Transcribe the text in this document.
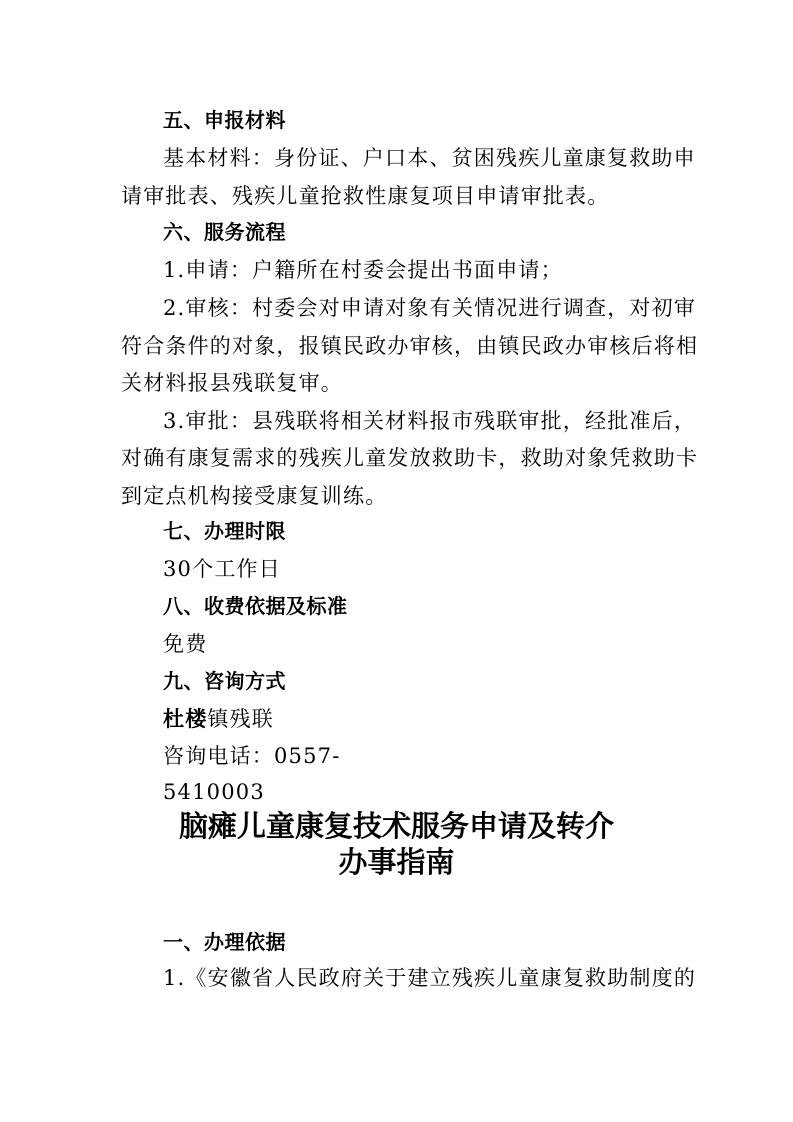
五、申报材料
基本材料：身份证、户口本、贫困残疾儿童康复救助申
请审批表、残疾儿童抢救性康复项目申请审批表。
六、服务流程
1.申请：户籍所在村委会提出书面申请；
2.审核：村委会对申请对象有关情况进行调查，对初审
符合条件的对象，报镇民政办审核，由镇民政办审核后将相
关材料报县残联复审。
3.审批：县残联将相关材料报市残联审批，经批准后，
对确有康复需求的残疾儿童发放救助卡，救助对象凭救助卡
到定点机构接受康复训练。
七、办理时限
30个工作日
八、收费依据及标准
免费
九、咨询方式
杜楼镇残联
咨询电话：0557-
5410003
脑瘫儿童康复技术服务申请及转介
办事指南
一、办理依据
1.《安徽省人民政府关于建立残疾儿童康复救助制度的
